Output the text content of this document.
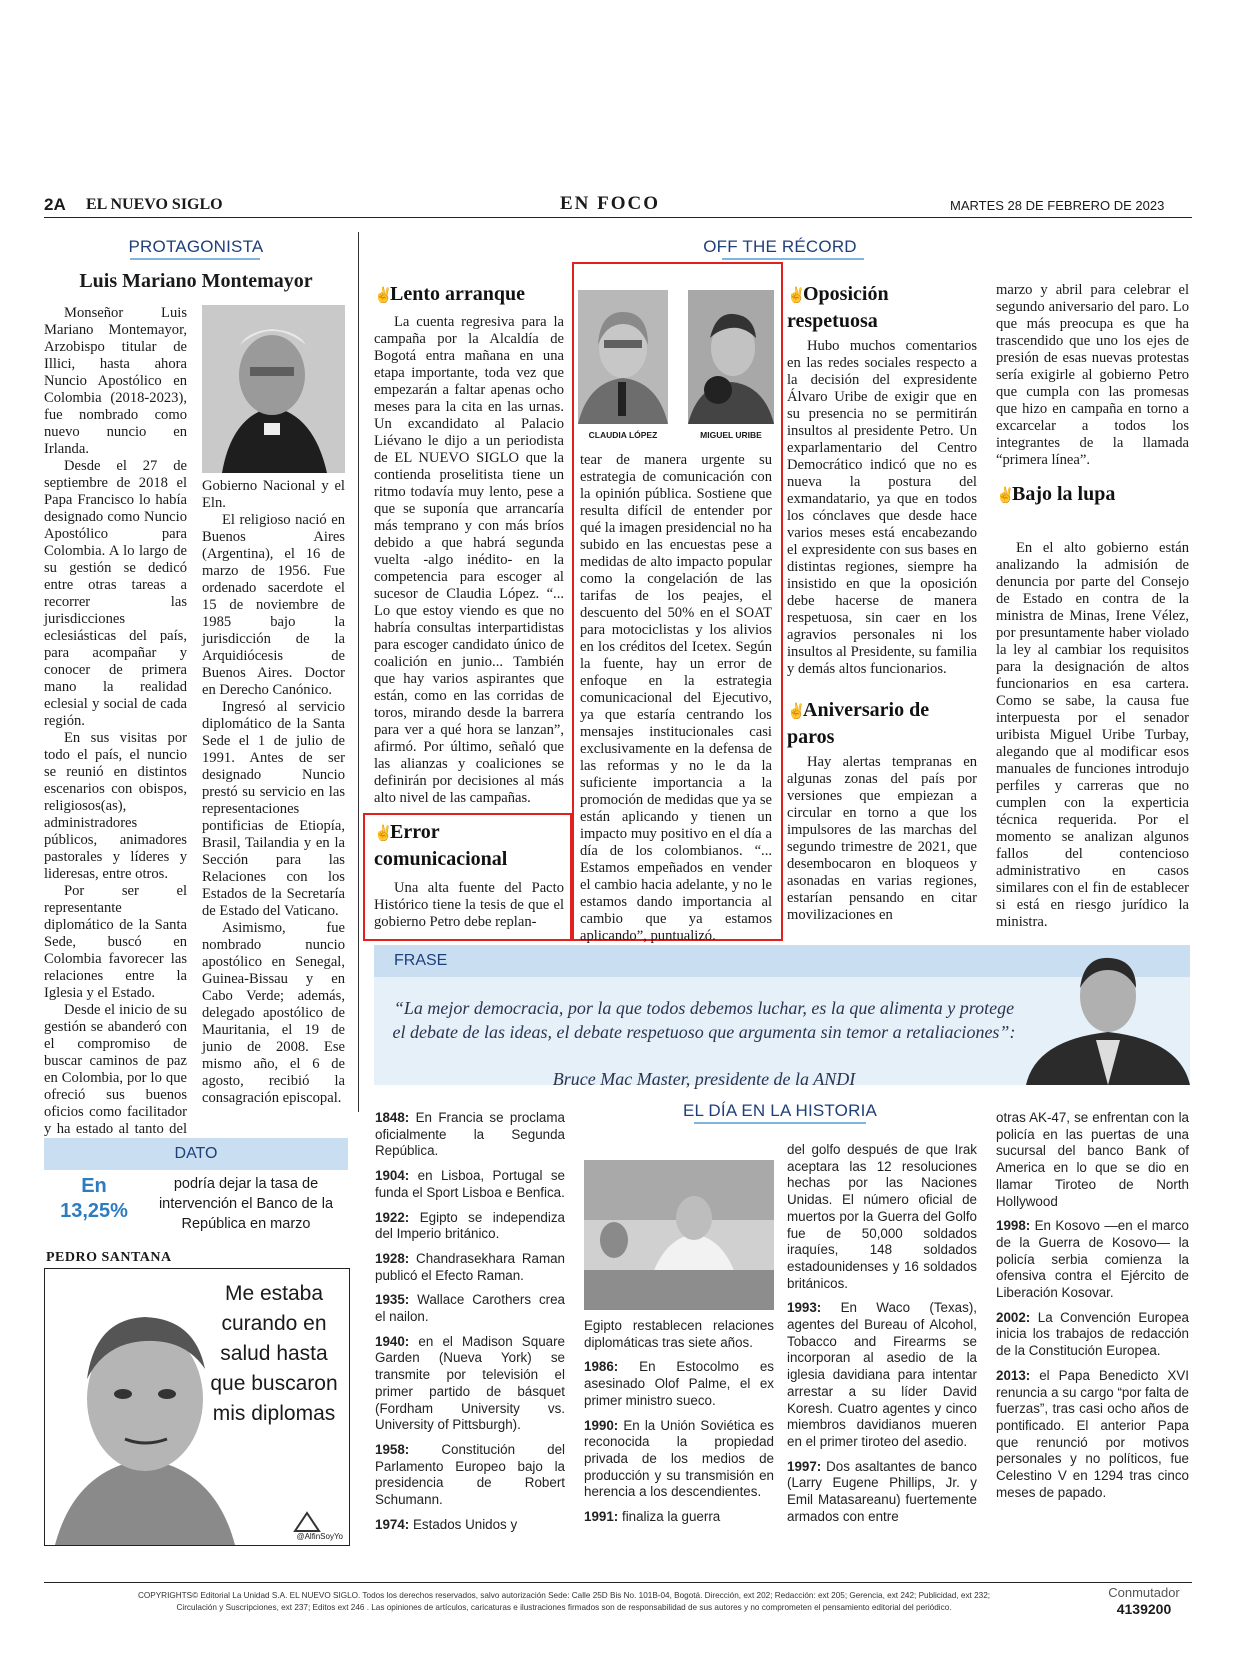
2A EL NUEVO SIGLO	EN FOCO	MARTES 28 DE FEBRERO DE 2023
PROTAGONISTA
Luis Mariano Montemayor

Monseñor Luis Mariano Montemayor, Arzobispo titular de Illici, hasta ahora Nuncio Apostólico en Colombia (2018-2023), fue nombrado como nuevo nuncio en Irlanda.

Desde el 27 de septiembre de 2018 el Papa Francisco lo había designado como Nuncio Apostólico para Colombia. A lo largo de su gestión se dedicó entre otras tareas a recorrer las jurisdicciones eclesiásticas del país, para acompañar y conocer de primera mano la realidad eclesial y social de cada región.

En sus visitas por todo el país, el nuncio se reunió en distintos escenarios con obispos, religiosos(as), administradores públicos, animadores pastorales y líderes y lideresas, entre otros.

Por ser el representante diplomático de la Santa Sede, buscó en Colombia favorecer las relaciones entre la Iglesia y el Estado.

Desde el inicio de su gestión se abanderó con el compromiso de buscar caminos de paz en Colombia, por lo que ofreció sus buenos oficios como facilitador y ha estado al tanto del

Gobierno Nacional y el Eln.

El religioso nació en Buenos Aires (Argentina), el 16 de marzo de 1956. Fue ordenado sacerdote el 15 de noviembre de 1985 bajo la jurisdicción de la Arquidiócesis de Buenos Aires. Doctor en Derecho Canónico.

Ingresó al servicio diplomático de la Santa Sede el 1 de julio de 1991. Antes de ser designado Nuncio prestó su servicio en las representaciones pontificias de Etiopía, Brasil, Tailandia y en la Sección para las Relaciones con los Estados de la Secretaría de Estado del Vaticano.

Asimismo, fue nombrado nuncio apostólico en Senegal, Guinea-Bissau y en Cabo Verde; además, delegado apostólico de Mauritania, el 19 de junio de 2008. Ese mismo año, el 6 de agosto, recibió la consagración episcopal.

DATO
En 13,25%
podría dejar la tasa de intervención el Banco de la República en marzo
PEDRO SANTANA
Me estaba curando en salud hasta que buscaron mis diplomas
@AlfinSoyYo
OFF THE RÉCORD
✌Lento arranque

La cuenta regresiva para la campaña por la Alcaldía de Bogotá entra mañana en una etapa importante, toda vez que empezarán a faltar apenas ocho meses para la cita en las urnas. Un excandidato al Palacio Liévano le dijo a un periodista de EL NUEVO SIGLO que la contienda proselitista tiene un ritmo todavía muy lento, pese a que se suponía que arrancaría más temprano y con más bríos debido a que habrá segunda vuelta -algo inédito- en la competencia para escoger al sucesor de Claudia López. “... Lo que estoy viendo es que no habría consultas interpartidistas para escoger candidato único de coalición en junio... También que hay varios aspirantes que están, como en las corridas de toros, mirando desde la barrera para ver a qué hora se lanzan”, afirmó. Por último, señaló que las alianzas y coaliciones se definirán por decisiones al más alto nivel de las campañas.

✌Error comunicacional

Una alta fuente del Pacto Histórico tiene la tesis de que el gobierno Petro debe replan-

CLAUDIA LÓPEZ	MIGUEL URIBE

tear de manera urgente su estrategia de comunicación con la opinión pública. Sostiene que resulta difícil de entender por qué la imagen presidencial no ha subido en las encuestas pese a medidas de alto impacto popular como la congelación de las tarifas de los peajes, el descuento del 50% en el SOAT para motociclistas y los alivios en los créditos del Icetex. Según la fuente, hay un error de enfoque en la estrategia comunicacional del Ejecutivo, ya que estaría centrando los mensajes institucionales casi exclusivamente en la defensa de las reformas y no le da la suficiente importancia a la promoción de medidas que ya se están aplicando y tienen un impacto muy positivo en el día a día de los colombianos. “... Estamos empeñados en vender el cambio hacia adelante, y no le estamos dando importancia al cambio que ya estamos aplicando”, puntualizó.

✌Oposición respetuosa

Hubo muchos comentarios en las redes sociales respecto a la decisión del expresidente Álvaro Uribe de exigir que en su presencia no se permitirán insultos al presidente Petro. Un exparlamentario del Centro Democrático indicó que no es nueva la postura del exmandatario, ya que en todos los cónclaves que desde hace varios meses está encabezando el expresidente con sus bases en distintas regiones, siempre ha insistido en que la oposición debe hacerse de manera respetuosa, sin caer en los agravios personales ni los insultos al Presidente, su familia y demás altos funcionarios.

✌Aniversario de paros

Hay alertas tempranas en algunas zonas del país por versiones que empiezan a circular en torno a que los impulsores de las marchas del segundo trimestre de 2021, que desembocaron en bloqueos y asonadas en varias regiones, estarían pensando en citar movilizaciones en

marzo y abril para celebrar el segundo aniversario del paro. Lo que más preocupa es que ha trascendido que uno los ejes de presión de esas nuevas protestas sería exigirle al gobierno Petro que cumpla con las promesas que hizo en campaña en torno a excarcelar a todos los integrantes de la llamada “primera línea”.

✌Bajo la lupa

En el alto gobierno están analizando la admisión de denuncia por parte del Consejo de Estado en contra de la ministra de Minas, Irene Vélez, por presuntamente haber violado la ley al cambiar los requisitos para la designación de altos funcionarios en esa cartera. Como se sabe, la causa fue interpuesta por el senador uribista Miguel Uribe Turbay, alegando que al modificar esos manuales de funciones introdujo perfiles y carreras que no cumplen con la experticia técnica requerida. Por el momento se analizan algunos fallos del contencioso administrativo en casos similares con el fin de establecer si está en riesgo jurídico la ministra.

FRASE
“La mejor democracia, por la que todos debemos luchar, es la que alimenta y protege el debate de las ideas, el debate respetuoso que argumenta sin temor a retaliaciones”:
Bruce Mac Master, presidente de la ANDI
EL DÍA EN LA HISTORIA

1848: En Francia se proclama oficialmente la Segunda República.

1904: en Lisboa, Portugal se funda el Sport Lisboa e Benfica.

1922: Egipto se independiza del Imperio británico.

1928: Chandrasekhara Raman publicó el Efecto Raman.

1935: Wallace Carothers crea el nailon.

1940: en el Madison Square Garden (Nueva York) se transmite por televisión el primer partido de básquet (Fordham University vs. University of Pittsburgh).

1958: Constitución del Parlamento Europeo bajo la presidencia de Robert Schumann.

1974: Estados Unidos y

Egipto restablecen relaciones diplomáticas tras siete años.

1986: En Estocolmo es asesinado Olof Palme, el ex primer ministro sueco.

1990: En la Unión Soviética es reconocida la propiedad privada de los medios de producción y su transmisión en herencia a los descendientes.

1991: finaliza la guerra

del golfo después de que Irak aceptara las 12 resoluciones hechas por las Naciones Unidas. El número oficial de muertos por la Guerra del Golfo fue de 50,000 soldados iraquíes, 148 soldados estadounidenses y 16 soldados británicos.

1993: En Waco (Texas), agentes del Bureau of Alcohol, Tobacco and Firearms se incorporan al asedio de la iglesia davidiana para intentar arrestar a su líder David Koresh. Cuatro agentes y cinco miembros davidianos mueren en el primer tiroteo del asedio.

1997: Dos asaltantes de banco (Larry Eugene Phillips, Jr. y Emil Matasareanu) fuertemente armados con entre

otras AK-47, se enfrentan con la policía en las puertas de una sucursal del banco Bank of America en lo que se dio en llamar Tiroteo de North Hollywood

1998: En Kosovo —en el marco de la Guerra de Kosovo— la policía serbia comienza la ofensiva contra el Ejército de Liberación Kosovar.

2002: La Convención Europea inicia los trabajos de redacción de la Constitución Europea.

2013: el Papa Benedicto XVI renuncia a su cargo “por falta de fuerzas”, tras casi ocho años de pontificado. El anterior Papa que renunció por motivos personales y no políticos, fue Celestino V en 1294 tras cinco meses de papado.

COPYRIGHTS© Editorial La Unidad S.A. EL NUEVO SIGLO. Todos los derechos reservados, salvo autorización Sede: Calle 25D Bis No. 101B-04, Bogotá. Dirección, ext 202; Redacción: ext 205; Gerencia, ext 242; Publicidad, ext 232;
Circulación y Suscripciones, ext 237; Editos ext 246 . Las opiniones de artículos, caricaturas e ilustraciones firmados son de responsabilidad de sus autores y no comprometen el pensamiento editorial del periódico.
Conmutador
4139200
